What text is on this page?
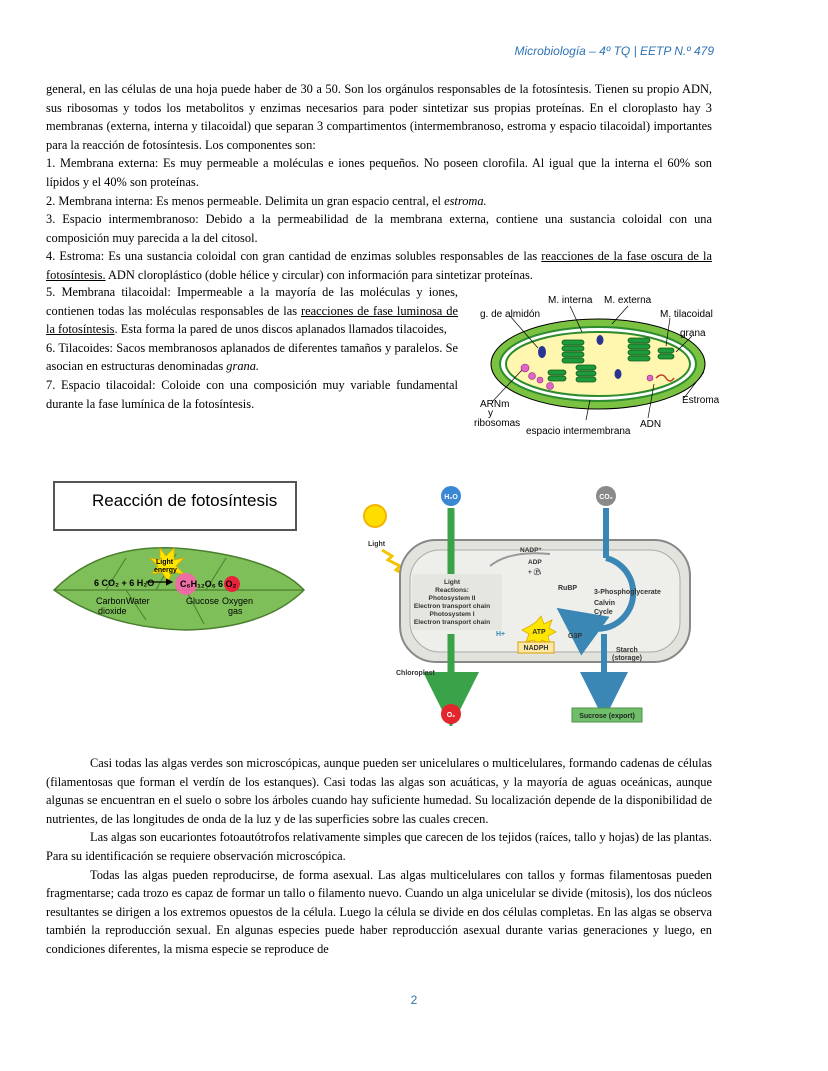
Microbiología – 4º TQ | EETP N.º 479

general, en las células de una hoja puede haber de 30 a 50. Son los orgánulos responsables de la fotosíntesis. Tienen su propio ADN, sus ribosomas y todos los metabolitos y enzimas necesarios para poder sintetizar sus propias proteínas. En el cloroplasto hay 3 membranas (externa, interna y tilacoidal) que separan 3 compartimentos (intermembranoso, estroma y espacio tilacoidal) importantes para la reacción de fotosíntesis. Los componentes son:

1. Membrana externa: Es muy permeable a moléculas e iones pequeños. No poseen clorofila. Al igual que la interna el 60% son lípidos y el 40% son proteínas.

2. Membrana interna: Es menos permeable. Delimita un gran espacio central, el estroma.

3. Espacio intermembranoso: Debido a la permeabilidad de la membrana externa, contiene una sustancia coloidal con una composición muy parecida a la del citosol.

4. Estroma: Es una sustancia coloidal con gran cantidad de enzimas solubles responsables de las reacciones de la fase oscura de la fotosíntesis. ADN cloroplástico (doble hélice y circular) con información para sintetizar proteínas.

5. Membrana tilacoidal: Impermeable a la mayoría de las moléculas y iones, contienen todas las moléculas responsables de las reacciones de fase luminosa de la fotosíntesis. Esta forma la pared de unos discos aplanados llamados tilacoides,

6. Tilacoides: Sacos membranosos aplanados de diferentes tamaños y paralelos. Se asocian en estructuras denominadas grana.

7. Espacio tilacoidal: Coloide con una composición muy variable fundamental durante la fase lumínica de la fotosíntesis.

M. interna M. externa
g. de almidón	M. tilacoidal
grana
Estroma
ARNm
y
ribosomas
espacio intermembrana
ADN
Reacción de fotosíntesis
6 CO₂ + 6 H₂O
Light
energy
C₆H₁₂O₆ 6 O₂
Carbon
dioxide
Water	Glucose Oxygen
gas
Light
H₂O
O₂
Light
Reactions:
Photosystem II
Electron transport chain
Photosystem I
Electron transport chain
H+
NADP⁺
ADP
+ Ⓟᵢ
ATP
NADPH
CO₂
RuBP
3-Phosphoglycerate
Calvin
Cycle
G3P
Starch
(storage)
Chloroplast
Sucrose (export)

Casi todas las algas verdes son microscópicas, aunque pueden ser unicelulares o multicelulares, formando cadenas de células (filamentosas que forman el verdín de los estanques). Casi todas las algas son acuáticas, y la mayoría de aguas oceánicas, aunque algunas se encuentran en el suelo o sobre los árboles cuando hay suficiente humedad. Su localización depende de la disponibilidad de nutrientes, de las longitudes de onda de la luz y de las superficies sobre las cuales crecen.

Las algas son eucariontes fotoautótrofos relativamente simples que carecen de los tejidos (raíces, tallo y hojas) de las plantas. Para su identificación se requiere observación microscópica.

Todas las algas pueden reproducirse, de forma asexual. Las algas multicelulares con tallos y formas filamentosas pueden fragmentarse; cada trozo es capaz de formar un tallo o filamento nuevo. Cuando un alga unicelular se divide (mitosis), los dos núcleos resultantes se dirigen a los extremos opuestos de la célula. Luego la célula se divide en dos células completas. En las algas se observa también la reproducción sexual. En algunas especies puede haber reproducción asexual durante varias generaciones y luego, en condiciones diferentes, la misma especie se reproduce de

2
